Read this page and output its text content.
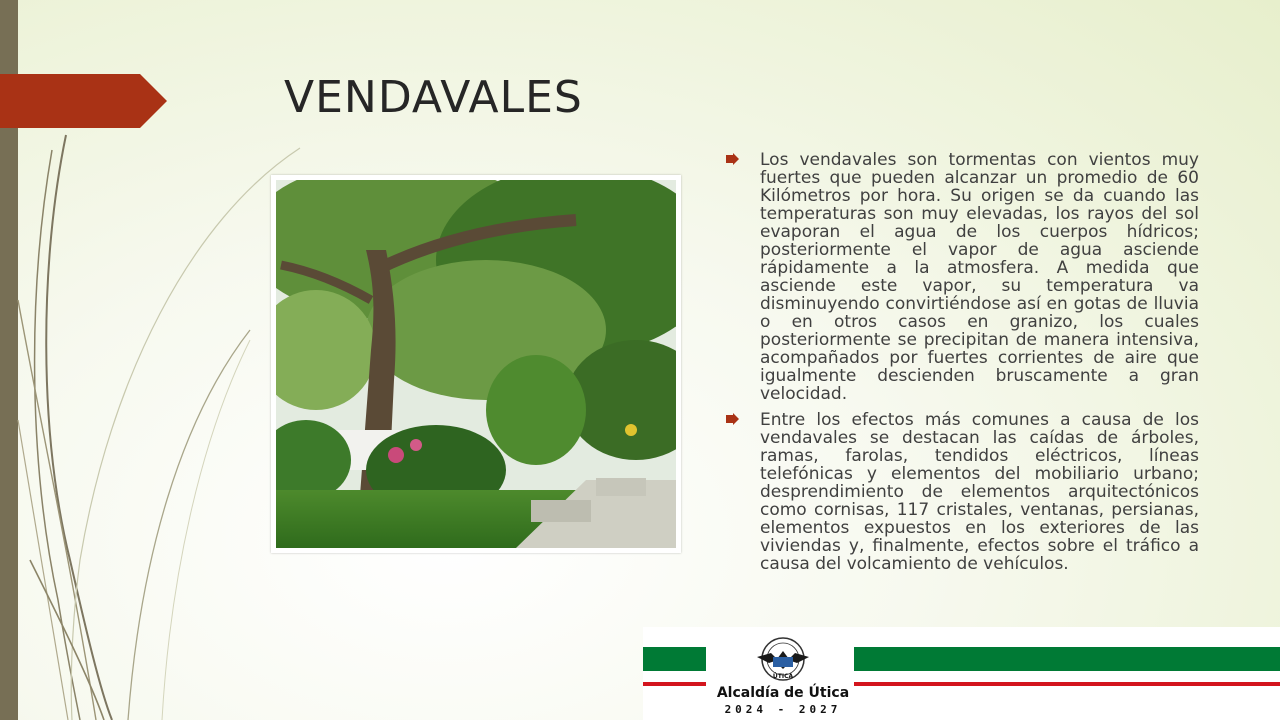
VENDAVALES

Los vendavales son tormentas con vientos muy fuertes que pueden alcanzar un promedio de 60 Kilómetros por hora. Su origen se da cuando las temperaturas son muy elevadas, los rayos del sol evaporan el agua de los cuerpos hídricos; posteriormente el vapor de agua asciende rápidamente a la atmosfera. A medida que asciende este vapor, su temperatura va disminuyendo convirtiéndose así en gotas de lluvia o en otros casos en granizo, los cuales posteriormente se precipitan de manera intensiva, acompañados por fuertes corrientes de aire que igualmente descienden bruscamente a gran velocidad.

Entre los efectos más comunes a causa de los vendavales se destacan las caídas de árboles, ramas, farolas, tendidos eléctricos, líneas telefónicas y elementos del mobiliario urbano; desprendimiento de elementos arquitectónicos como cornisas, 117 cristales, ventanas, persianas, elementos expuestos en los exteriores de las viviendas y, finalmente, efectos sobre el tráfico a causa del volcamiento de vehículos.

ÚTICA
Alcaldía de Útica
2024 - 2027
